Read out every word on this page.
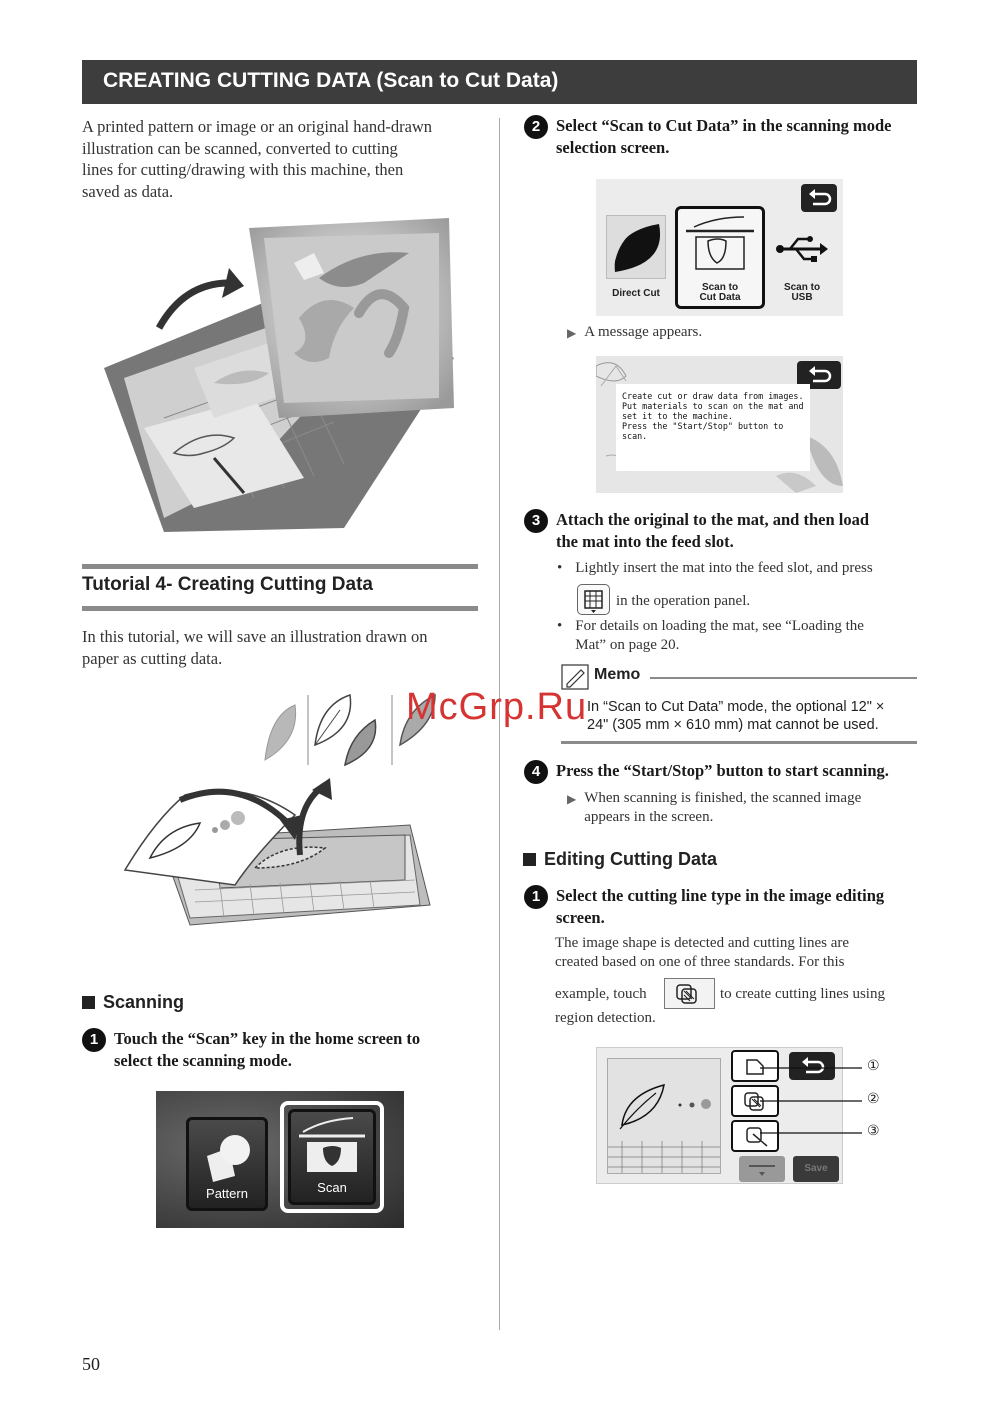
CREATING CUTTING DATA (Scan to Cut Data)
A printed pattern or image or an original hand-drawn
illustration can be scanned, converted to cutting
lines for cutting/drawing with this machine, then
saved as data.
Tutorial 4- Creating Cutting Data
In this tutorial, we will save an illustration drawn on
paper as cutting data.
Scanning
1 Touch the “Scan” key in the home screen to
select the scanning mode.
Pattern	Scan
2 Select “Scan to Cut Data” in the scanning mode
selection screen.
Direct Cut
Scan to
Cut Data
Scan to
USB
▶ A message appears.
Create cut or draw data from images.
Put materials to scan on the mat and
set it to the machine.
Press the "Start/Stop" button to scan.
3 Attach the original to the mat, and then load
the mat into the feed slot.
• Lightly insert the mat into the feed slot, and press
in the operation panel.
• For details on loading the mat, see “Loading the
Mat” on page 20.
Memo
In “Scan to Cut Data” mode, the optional 12" ×
24" (305 mm × 610 mm) mat cannot be used.
McGrp.Ru
4 Press the “Start/Stop” button to start scanning.
▶ When scanning is finished, the scanned image
appears in the screen.
Editing Cutting Data
1 Select the cutting line type in the image editing
screen.
The image shape is detected and cutting lines are
created based on one of three standards. For this
example, touch	to create cutting lines using
region detection.
Save
①
②
③
50
